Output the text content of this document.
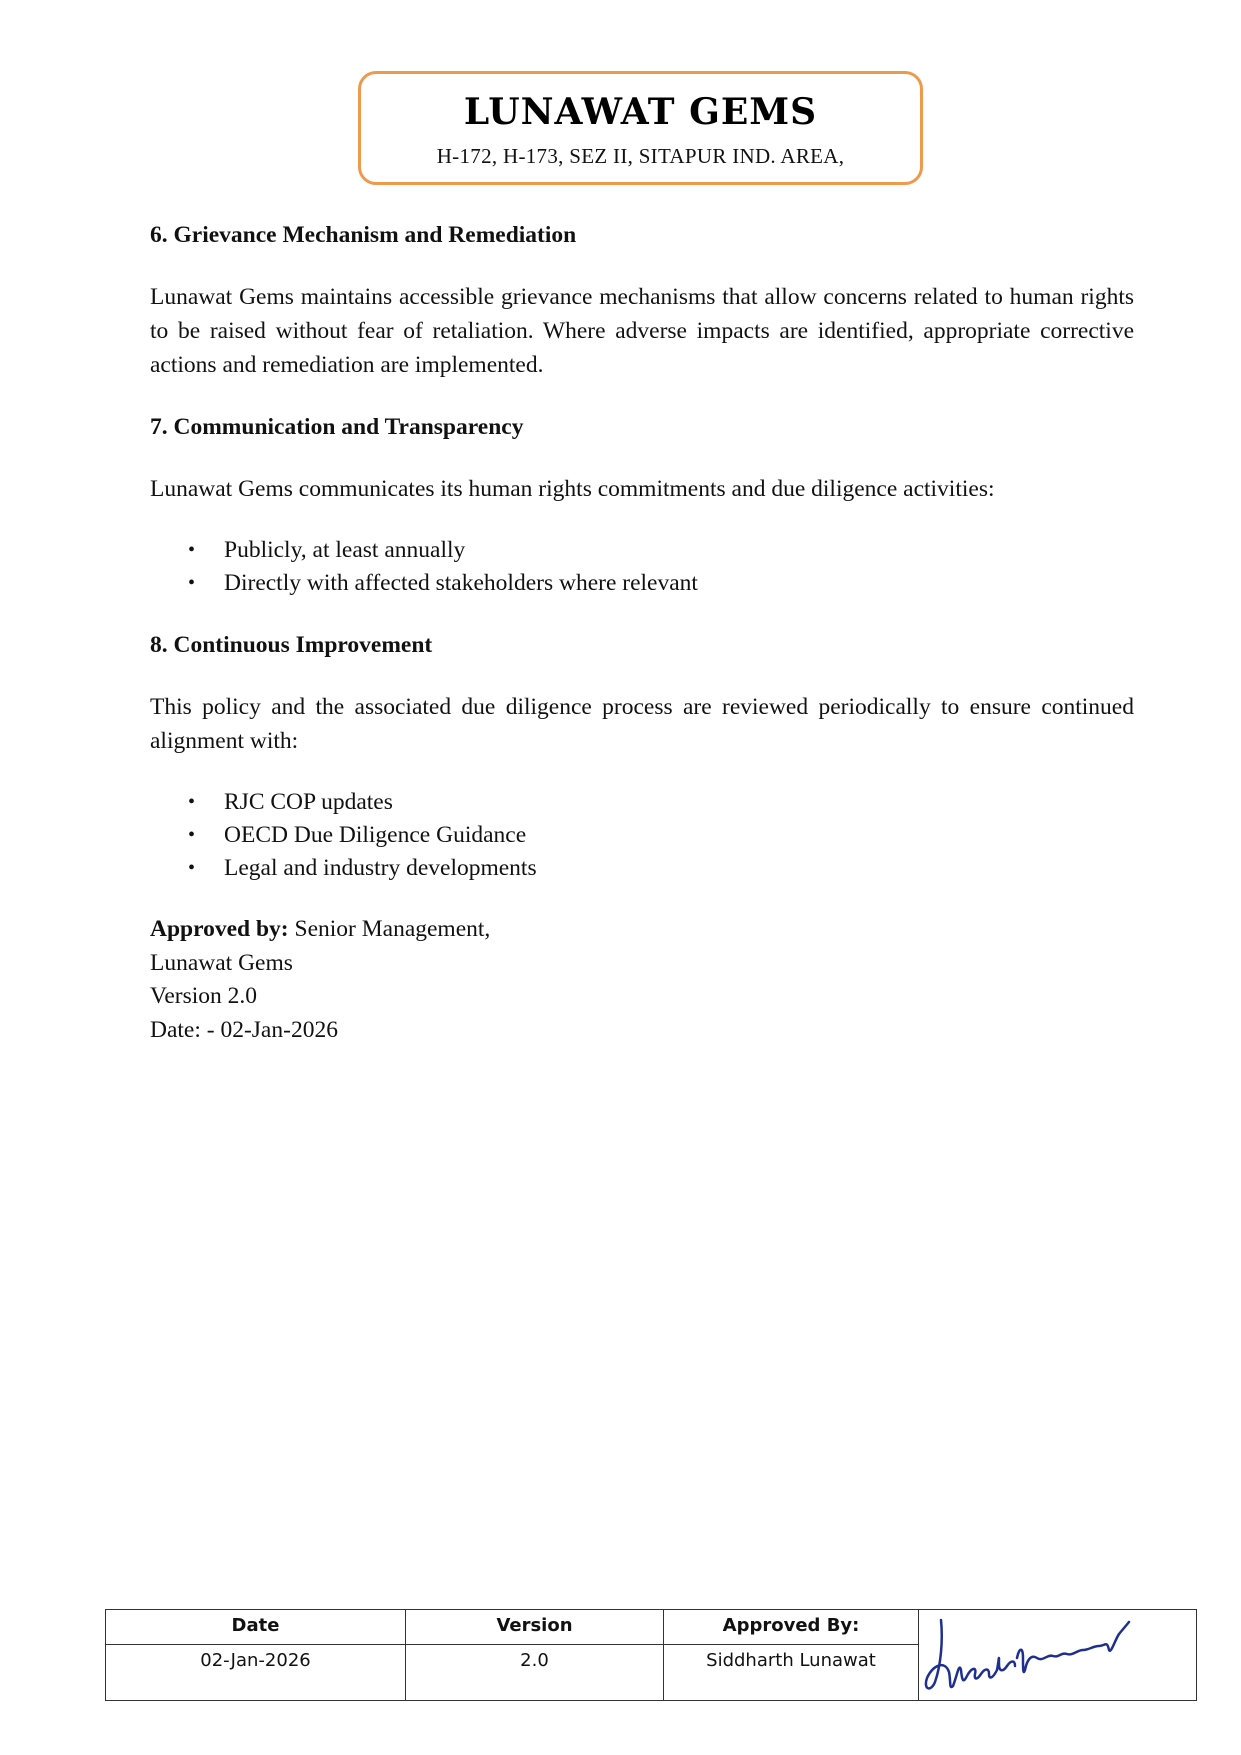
LUNAWAT GEMS
H-172, H-173, SEZ II, SITAPUR IND. AREA,
6. Grievance Mechanism and Remediation

Lunawat Gems maintains accessible grievance mechanisms that allow concerns related to human rights to be raised without fear of retaliation. Where adverse impacts are identified, appropriate corrective actions and remediation are implemented.

7. Communication and Transparency

Lunawat Gems communicates its human rights commitments and due diligence activities:

• Publicly, at least annually
• Directly with affected stakeholders where relevant
8. Continuous Improvement

This policy and the associated due diligence process are reviewed periodically to ensure continued alignment with:

• RJC COP updates
• OECD Due Diligence Guidance
• Legal and industry developments
Approved by: Senior Management,
Lunawat Gems
Version 2.0
Date: - 02-Jan-2026
Date	Version	Approved By:	

02-Jan-2026	2.0	Siddharth Lunawat	
